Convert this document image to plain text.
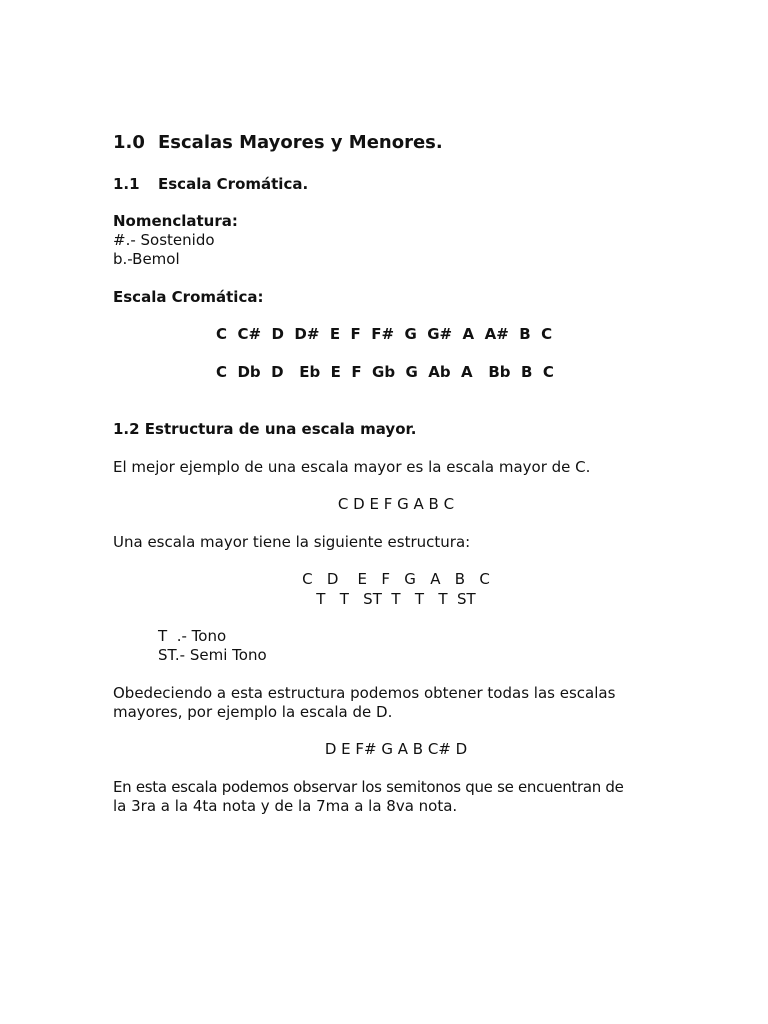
1.0 Escalas Mayores y Menores.
1.1 Escala Cromática.
Nomenclatura:
#.- Sostenido
b.-Bemol
Escala Cromática:
C  C#  D  D#  E  F  F#  G  G#  A  A#  B  C
C  Db  D   Eb  E  F  Gb  G  Ab  A   Bb  B  C
1.2 Estructura de una escala mayor.
El mejor ejemplo de una escala mayor es la escala mayor de C.
C D E F G A B C
Una escala mayor tiene la siguiente estructura:
C   D    E   F   G   A   B   C
T   T   ST  T   T   T  ST
T  .- Tono
ST.- Semi Tono
Obedeciendo a esta estructura podemos obtener todas las escalas
mayores, por ejemplo la escala de D.
D E F# G A B C# D
En esta escala podemos observar los semitonos que se encuentran de
la 3ra a la 4ta nota y de la 7ma a la 8va nota.
